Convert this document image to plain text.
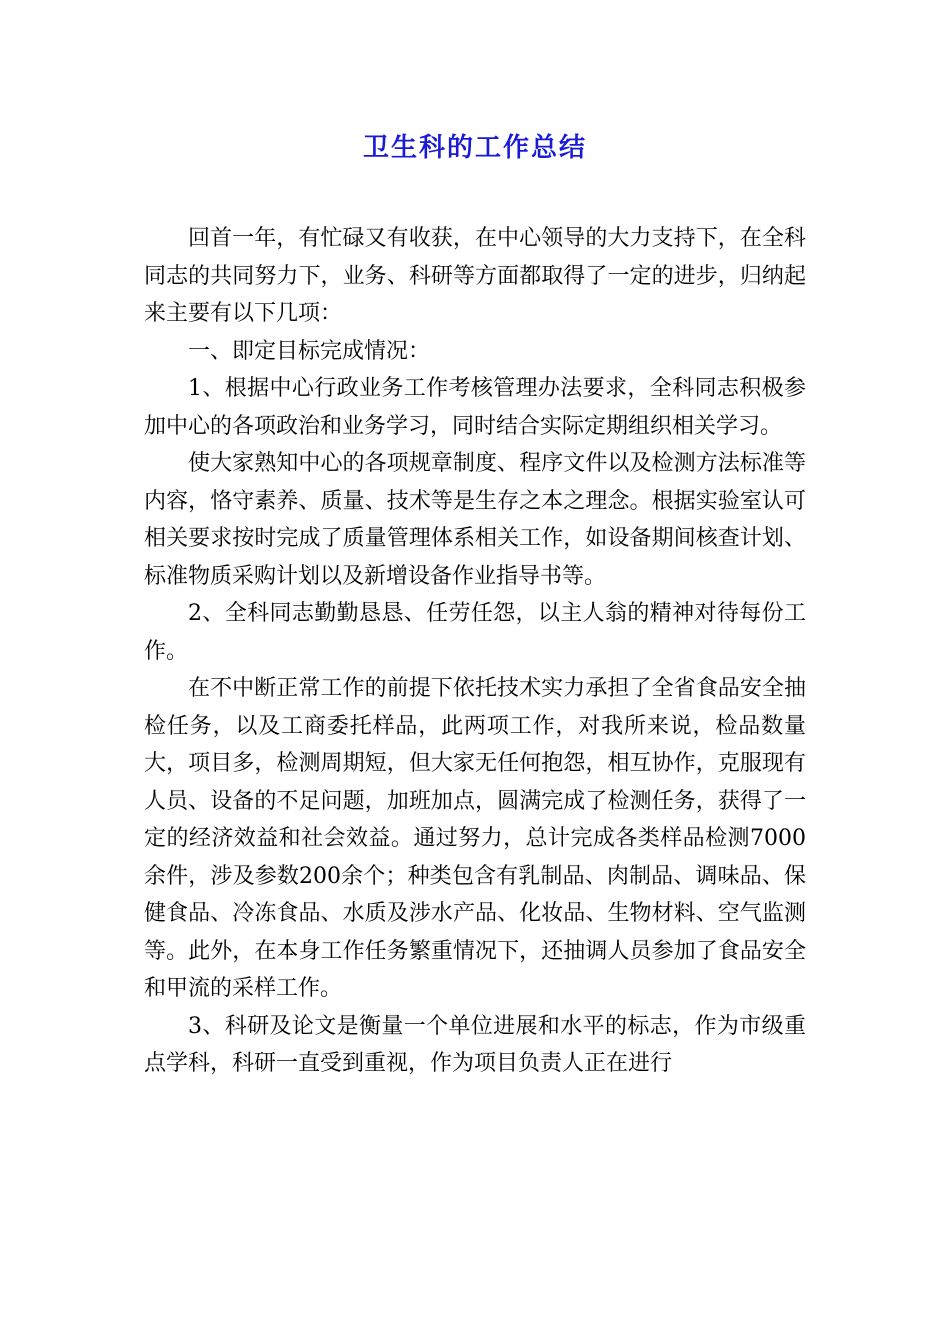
卫生科的工作总结

回首一年，有忙碌又有收获，在中心领导的大力支持下，在全科同志的共同努力下，业务、科研等方面都取得了一定的进步，归纳起来主要有以下几项：

一、即定目标完成情况：

1、根据中心行政业务工作考核管理办法要求，全科同志积极参加中心的各项政治和业务学习，同时结合实际定期组织相关学习。

使大家熟知中心的各项规章制度、程序文件以及检测方法标准等内容，恪守素养、质量、技术等是生存之本之理念。根据实验室认可相关要求按时完成了质量管理体系相关工作，如设备期间核查计划、标准物质采购计划以及新增设备作业指导书等。

2、全科同志勤勤恳恳、任劳任怨，以主人翁的精神对待每份工作。

在不中断正常工作的前提下依托技术实力承担了全省食品安全抽检任务，以及工商委托样品，此两项工作，对我所来说，检品数量大，项目多，检测周期短，但大家无任何抱怨，相互协作，克服现有人员、设备的不足问题，加班加点，圆满完成了检测任务，获得了一定的经济效益和社会效益。通过努力，总计完成各类样品检测7000余件，涉及参数200余个；种类包含有乳制品、肉制品、调味品、保健食品、冷冻食品、水质及涉水产品、化妆品、生物材料、空气监测等。此外，在本身工作任务繁重情况下，还抽调人员参加了食品安全和甲流的采样工作。

3、科研及论文是衡量一个单位进展和水平的标志，作为市级重点学科，科研一直受到重视，作为项目负责人正在进行
